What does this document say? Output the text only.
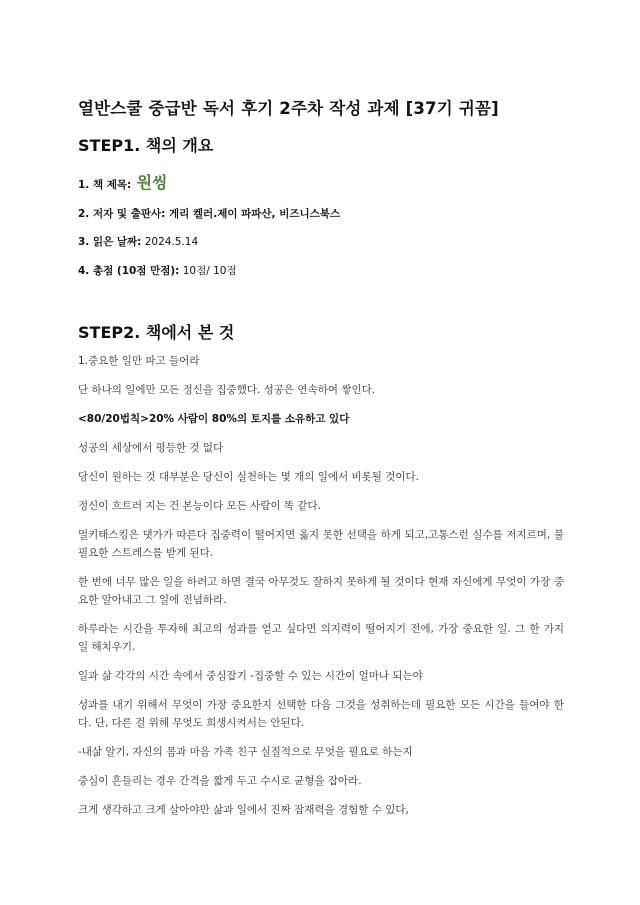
열반스쿨 중급반 독서 후기 2주차 작성 과제 [37기 귀꼼]
STEP1. 책의 개요
1. 책 제목: 원씽
2. 저자 및 출판사: 게리 켈러.제이 파파산, 비즈니스북스
3. 읽은 날짜: 2024.5.14
4. 총점 (10점 만점): 10점/ 10점
STEP2. 책에서 본 것

1.중요한 일만 파고 들어라

단 하나의 일에만 모든 정신을 집중했다. 성공은 연속하여 쌓인다.

<80/20법칙>20% 사람이 80%의 토지를 소유하고 있다

성공의 세상에서 평등한 것 없다

당신이 원하는 것 대부분은 당신이 실천하는 몇 개의 일에서 비롯될 것이다.

정신이 흐트러 지는 건 본능이다 모든 사람이 똑 같다.

멀키태스킹은 댓가가 따른다 집중력이 떨어지면 옳지 못한 선택을 하게 되고,고통스런 실수를 저지르며, 불필요한 스트레스를 받게 된다.

한 번에 너무 많은 일을 하려고 하면 결국 아무것도 잘하지 못하게 될 것이다 현재 자신에게 무엇이 가장 중요한 알아내고 그 일에 전념하라.

하루라는 시간을 투자해 최고의 성과를 얻고 싶다면 의지력이 떨어지기 전에, 가장 중요한 일. 그 한 가지 일 해치우기.

일과 삶 각각의 시간 속에서 중심잡기 -집중할 수 있는 시간이 얼마나 되는야

성과를 내기 위해서 무엇이 가장 중요한지 선택한 다음 그것을 성취하는데 필요한 모든 시간을 들여야 한다. 단, 다른 걸 위해 무엇도 희생시켜서는 안된다.

-내삶 알기, 자신의 몸과 마음 가족 친구 실질적으로 무엇을 필요로 하는지

중심이 흔들리는 경우 간격을 짧게 두고 수시로 균형을 잡아라.

크게 생각하고 크게 살아야만 삶과 일에서 진짜 잠재력을 경험할 수 있다,
